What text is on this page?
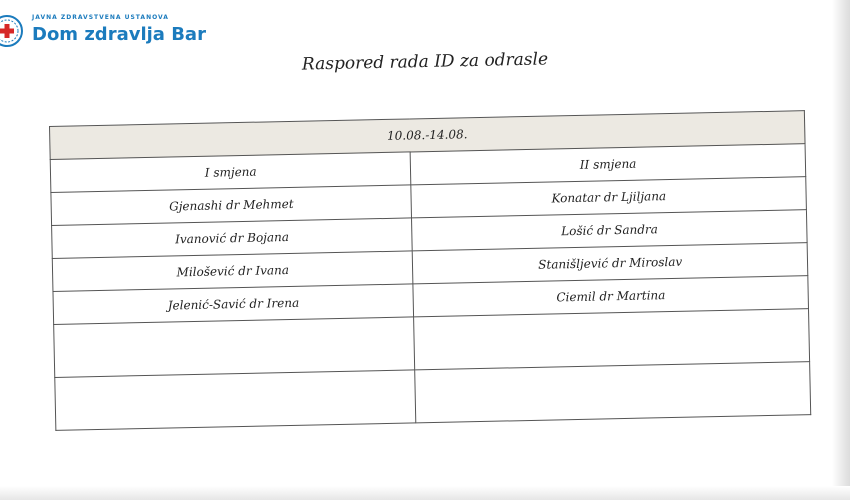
JAVNA ZDRAVSTVENA USTANOVA
Dom zdravlja Bar
Raspored rada ID za odrasle
10.08.-14.08.	
I smjena	II smjena
Gjenashi dr Mehmet	Konatar dr Ljiljana
Ivanović dr Bojana	Lošić dr Sandra
Milošević dr Ivana	Stanišljević dr Miroslav
Jelenić-Savić dr Irena	Ciemil dr Martina
